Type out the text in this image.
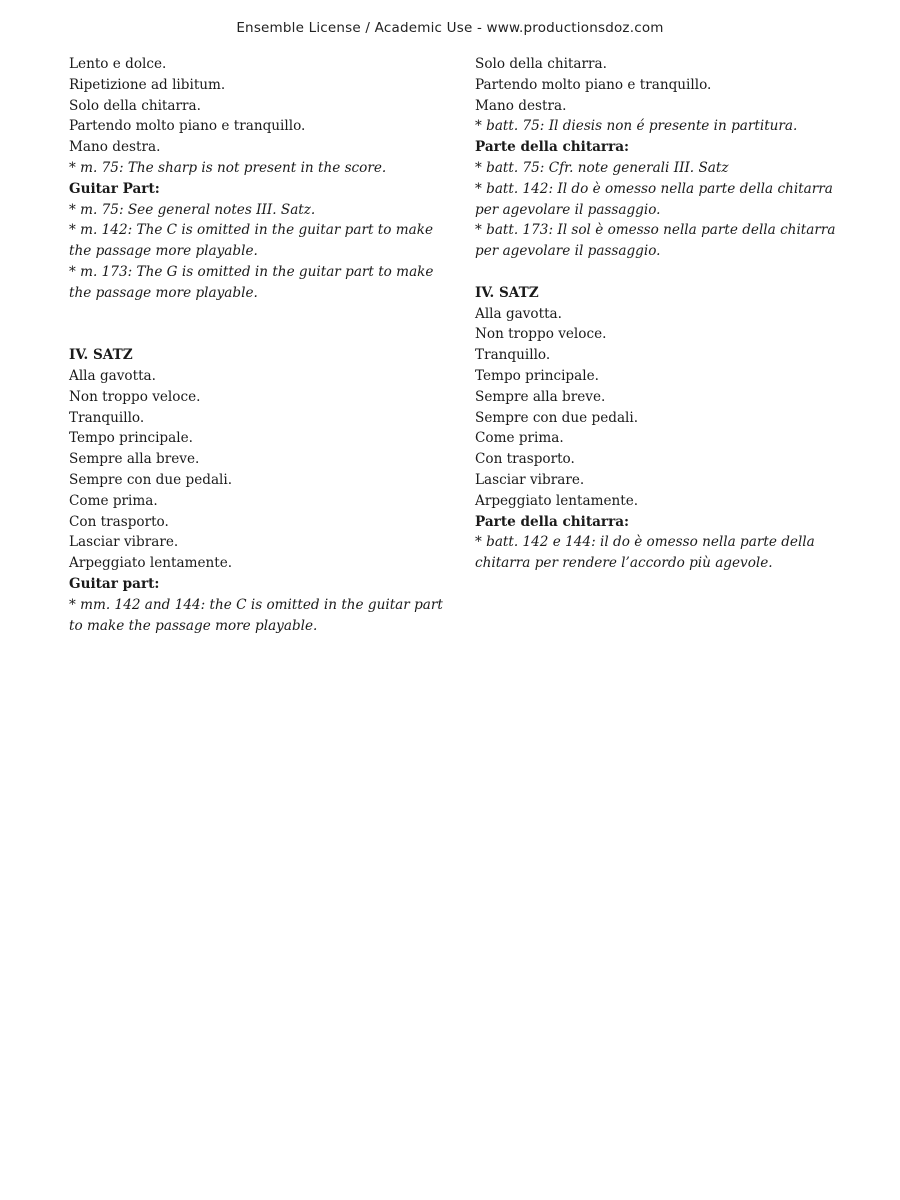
Ensemble License / Academic Use - www.productionsdoz.com
Lento e dolce.
Ripetizione ad libitum.
Solo della chitarra.
Partendo molto piano e tranquillo.
Mano destra.
* m. 75: The sharp is not present in the score.
Guitar Part:
* m. 75: See general notes III. Satz.
* m. 142: The C is omitted in the guitar part to make the passage more playable.
* m. 173: The G is omitted in the guitar part to make the passage more playable.
IV. SATZ
Alla gavotta.
Non troppo veloce.
Tranquillo.
Tempo principale.
Sempre alla breve.
Sempre con due pedali.
Come prima.
Con trasporto.
Lasciar vibrare.
Arpeggiato lentamente.
Guitar part:
* mm. 142 and 144: the C is omitted in the guitar part to make the passage more playable.
Solo della chitarra.
Partendo molto piano e tranquillo.
Mano destra.
* batt. 75: Il diesis non é presente in partitura.
Parte della chitarra:
* batt. 75: Cfr. note generali III. Satz
* batt. 142: Il do è omesso nella parte della chitarra per agevolare il passaggio.
* batt. 173: Il sol è omesso nella parte della chitarra per agevolare il passaggio.
IV. SATZ
Alla gavotta.
Non troppo veloce.
Tranquillo.
Tempo principale.
Sempre alla breve.
Sempre con due pedali.
Come prima.
Con trasporto.
Lasciar vibrare.
Arpeggiato lentamente.
Parte della chitarra:
* batt. 142 e 144: il do è omesso nella parte della chitarra per rendere l’accordo più agevole.
